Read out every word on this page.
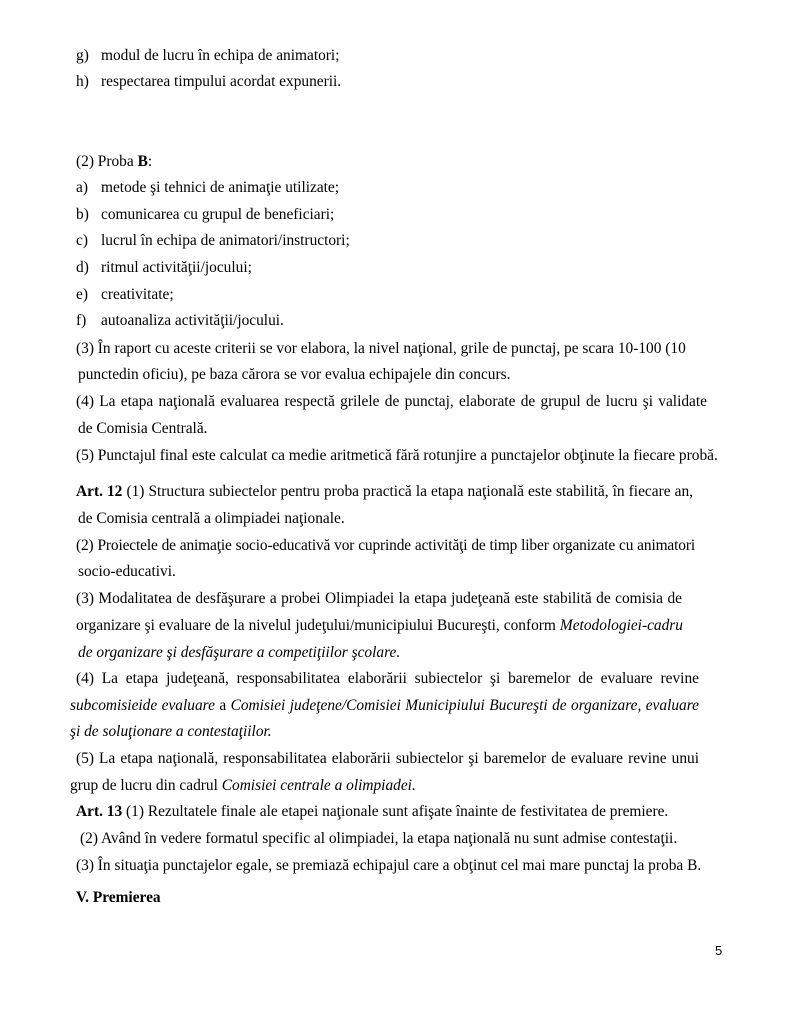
g) modul de lucru în echipa de animatori;
h) respectarea timpului acordat expunerii.
(2) Proba B:
a) metode şi tehnici de animaţie utilizate;
b) comunicarea cu grupul de beneficiari;
c) lucrul în echipa de animatori/instructori;
d) ritmul activităţii/jocului;
e) creativitate;
f) autoanaliza activităţii/jocului.
(3) În raport cu aceste criterii se vor elabora, la nivel naţional, grile de punctaj, pe scara 10-100 (10
punctedin oficiu), pe baza cărora se vor evalua echipajele din concurs.
(4) La etapa naţională evaluarea respectă grilele de punctaj, elaborate de grupul de lucru şi validate
de Comisia Centrală.
(5) Punctajul final este calculat ca medie aritmetică fără rotunjire a punctajelor obţinute la fiecare probă.
Art. 12 (1) Structura subiectelor pentru proba practică la etapa naţională este stabilită, în fiecare an,
de Comisia centrală a olimpiadei naţionale.
(2) Proiectele de animaţie socio-educativă vor cuprinde activităţi de timp liber organizate cu animatori
socio-educativi.
(3) Modalitatea de desfăşurare a probei Olimpiadei la etapa judeţeană este stabilită de comisia de
organizare şi evaluare de la nivelul judeţului/municipiului Bucureşti, conform Metodologiei-cadru
de organizare şi desfăşurare a competiţiilor şcolare.
(4) La etapa judeţeană, responsabilitatea elaborării subiectelor şi baremelor de evaluare revine
subcomisieide evaluare a Comisiei judeţene/Comisiei Municipiului Bucureşti de organizare, evaluare
şi de soluţionare a contestaţiilor.
(5) La etapa naţională, responsabilitatea elaborării subiectelor şi baremelor de evaluare revine unui
grup de lucru din cadrul Comisiei centrale a olimpiadei.
Art. 13 (1) Rezultatele finale ale etapei naţionale sunt afişate înainte de festivitatea de premiere.
(2) Având în vedere formatul specific al olimpiadei, la etapa naţională nu sunt admise contestaţii.
(3) În situaţia punctajelor egale, se premiază echipajul care a obţinut cel mai mare punctaj la proba B.
V. Premierea
5
